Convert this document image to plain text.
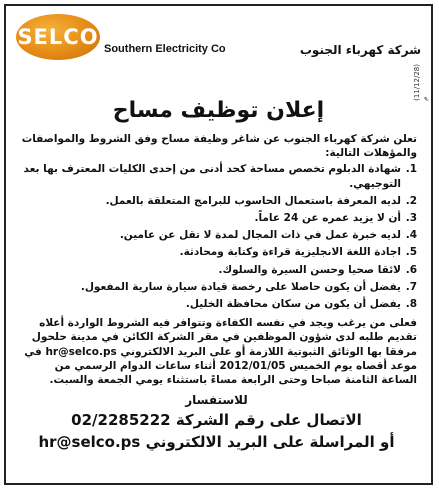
SELCO Southern Electricity Co	شركة كهرباء الجنوب
(11/12/28) م
إعلان توظيف مساح

تعلن شركة كهرباء الجنوب عن شاغر وظيفة مساح وفق الشروط والمواصفات والمؤهلات التالية:

1.
شهادة الدبلوم تخصص مساحة كحد أدنى من إحدى الكليات المعترف بها بعد التوجيهي.
2.
لديه المعرفة باستعمال الحاسوب للبرامج المتعلقة بالعمل.
3.
أن لا يزيد عمره عن 24 عاماً.
4.
لديه خبرة عمل في ذات المجال لمدة لا تقل عن عامين.
5.
اجادة اللغة الانجليزية قراءة وكتابة ومحادثة.
6.
لائقا صحيا وحسن السيرة والسلوك.
7.
يفضل أن يكون حاصلا على رخصة قيادة سيارة سارية المفعول.
8.
يفضل أن يكون من سكان محافظة الخليل.

فعلى من يرغب ويجد في نفسه الكفاءة وتتوافر فيه الشروط الواردة أعلاه تقديم طلبه لدى شؤون الموظفين في مقر الشركة الكائن في مدينة حلحول مرفقا بها الوثائق الثبوتية اللازمة أو على البريد الالكتروني hr@selco.ps في موعد أقصاه يوم الخميس 2012/01/05 أثناء ساعات الدوام الرسمي من الساعة الثامنة صباحا وحتى الرابعة مساءً باستثناء يومي الجمعة والسبت.

للاستفسار
الاتصال على رقم الشركة 02/2285222
أو المراسلة على البريد الالكتروني hr@selco.ps
